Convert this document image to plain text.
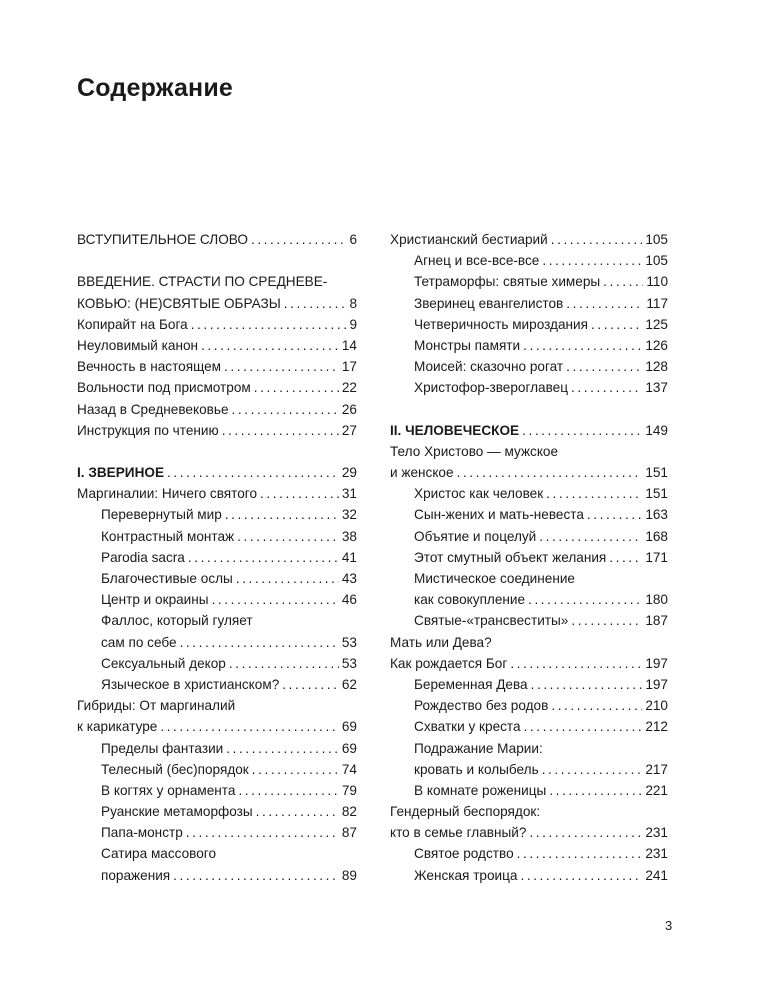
Содержание
ВСТУПИТЕЛЬНОЕ СЛОВО . . .	6
ВВЕДЕНИЕ. СТРАСТИ ПО СРЕДНЕВЕ-
КОВЬЮ: (НЕ)СВЯТЫЕ ОБРАЗЫ . . .	8
Копирайт на Бога . . .	9
Неуловимый канон . . .	14
Вечность в настоящем . . .	17
Вольности под присмотром . . .	22
Назад в Средневековье . . .	26
Инструкция по чтению . . .	27
I. ЗВЕРИНОЕ . . .	29
Маргиналии: Ничего святого . . .	31
Перевернутый мир . . .	32
Контрастный монтаж . . .	38
Parodia sacra . . .	41
Благочестивые ослы . . .	43
Центр и окраины . . .	46
Фаллос, который гуляет
сам по себе . . .	53
Сексуальный декор . . .	53
Языческое в христианском? . . .	62
Гибриды: От маргиналий
к карикатуре . . .	69
Пределы фантазии . . .	69
Телесный (бес)порядок . . .	74
В когтях у орнамента . . .	79
Руанские метаморфозы . . .	82
Папа-монстр . . .	87
Сатира массового
поражения . . .	89
Христианский бестиарий . . .	105
Агнец и все-все-все . . .	105
Тетраморфы: святые химеры . . .	110
Зверинец евангелистов . . .	117
Четверичность мироздания . . .	125
Монстры памяти . . .	126
Моисей: сказочно рогат . . .	128
Христофор-звероглавец . . .	137
II. ЧЕЛОВЕЧЕСКОЕ . . .	149
Тело Христово — мужское
и женское . . .	151
Христос как человек . . .	151
Сын-жених и мать-невеста . . .	163
Объятие и поцелуй . . .	168
Этот смутный объект желания . . .	171
Мистическое соединение
как совокупление . . .	180
Святые-«трансвеститы» . . .	187
Мать или Дева?
Как рождается Бог . . .	197
Беременная Дева . . .	197
Рождество без родов . . .	210
Схватки у креста . . .	212
Подражание Марии:
кровать и колыбель . . .	217
В комнате роженицы . . .	221
Гендерный беспорядок:
кто в семье главный? . . .	231
Святое родство . . .	231
Женская троица . . .	241
3
